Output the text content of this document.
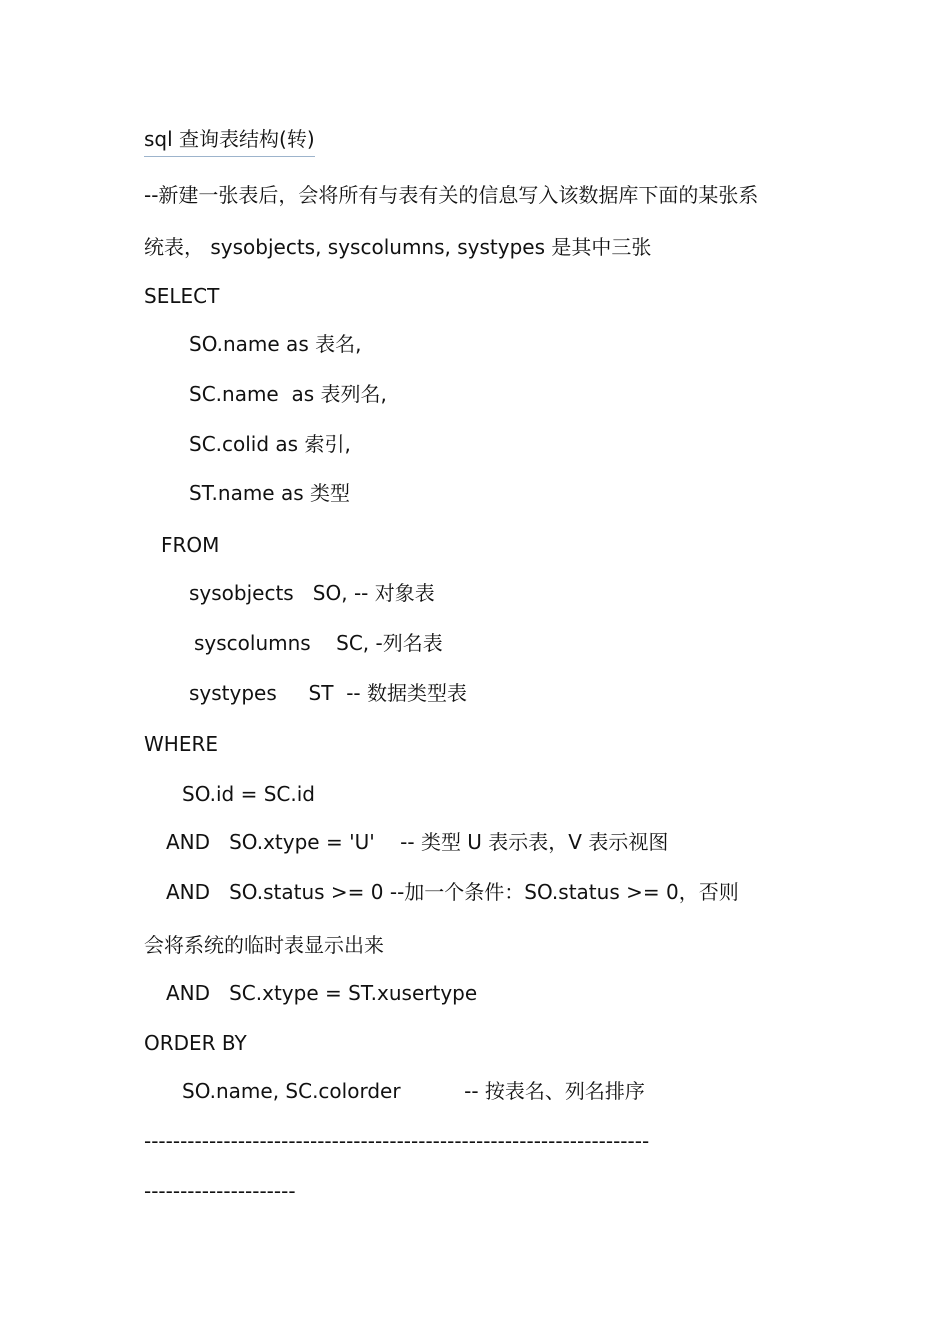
sql 查询表结构(转)
--新建一张表后，会将所有与表有关的信息写入该数据库下面的某张系
统表， sysobjects, syscolumns, systypes 是其中三张
SELECT
SO.name as 表名,
SC.name  as 表列名,
SC.colid as 索引,
ST.name as 类型
FROM
sysobjects   SO, -- 对象表
syscolumns    SC, -列名表
systypes     ST  -- 数据类型表
WHERE
SO.id = SC.id
AND   SO.xtype = 'U'    -- 类型 U 表示表，V 表示视图
AND   SO.status >= 0 --加一个条件：SO.status >= 0，否则
会将系统的临时表显示出来
AND   SC.xtype = ST.xusertype
ORDER BY
SO.name, SC.colorder          -- 按表名、列名排序
----------------------------------------------------------------------
---------------------
